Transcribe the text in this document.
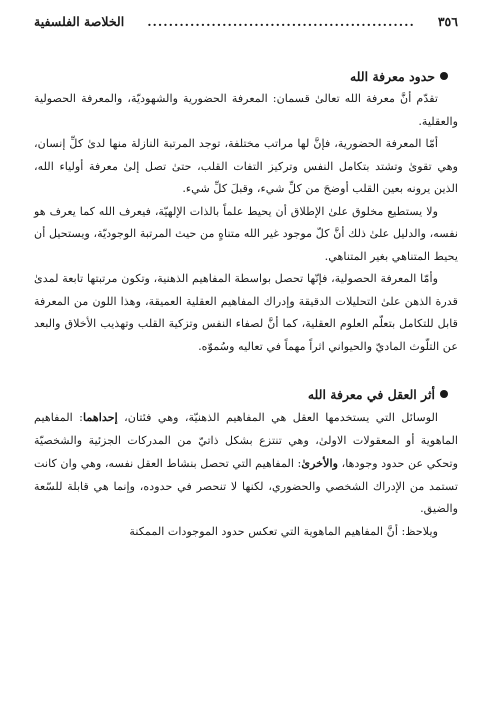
٣٥٦
..................................................
الخلاصة الفلسفية
حدود معرفة الله

تقدّم أنَّ معرفة الله تعالىٰ قسمان: المعرفة الحضورية والشهوديّة، والمعرفة الحصولية والعقلية.

أمّا المعرفة الحضورية، فإنَّ لها مراتب مختلفة، توجد المرتبة النازلة منها لدىٰ كلِّ إنسان، وهي تقوىٰ وتشتد بتكامل النفس وتركيز التفات القلب، حتىٰ تصل إلىٰ معرفة أولياء الله، الذين يرونه بعين القلب أوضحَ من كلِّ شيء، وقبلَ كلِّ شيء.

ولا يستطيع مخلوق علىٰ الإطلاق أن يحيط علماً بالذات الإلهيّة، فيعرف الله كما يعرف هو نفسه، والدليل علىٰ ذلك أنَّ كلّ موجود غير الله متناهٍ من حيث المرتبة الوجوديّة، ويستحيل أن يحيط المتناهي بغير المتناهي.

وأمّا المعرفة الحصولية، فإنّها تحصل بواسطة المفاهيم الذهنية، وتكون مرتبتها تابعة لمدىٰ قدرة الذهن علىٰ التحليلات الدقيقة وإدراك المفاهيم العقلية العميقة، وهذا اللون من المعرفة قابل للتكامل بتعلّم العلوم العقلية، كما أنَّ لصفاء النفس وتزكية القلب وتهذيب الأخلاق والبعد عن التلّوث الماديّ والحيواني اثراً مهماً في تعاليه وسُموّه.

أثر العقل في معرفة الله

الوسائل التي يستخدمها العقل هي المفاهيم الذهنيّة، وهي فئتان، إحداهما: المفاهيم الماهوية أو المعقولات الاولىٰ، وهي تنتزع بشكل ذاتيّ من المدركات الجزئية والشخصيّة وتحكي عن حدود وجودها، والأخرىٰ: المفاهيم التي تحصل بنشاط العقل نفسه، وهي وان كانت تستمد من الإدراك الشخصي والحضوري، لكنها لا تنحصر في حدوده، وإنما هي قابلة للسّعة والضيق.

ويلاحظ: أنَّ المفاهيم الماهوية التي تعكس حدود الموجودات الممكنة
